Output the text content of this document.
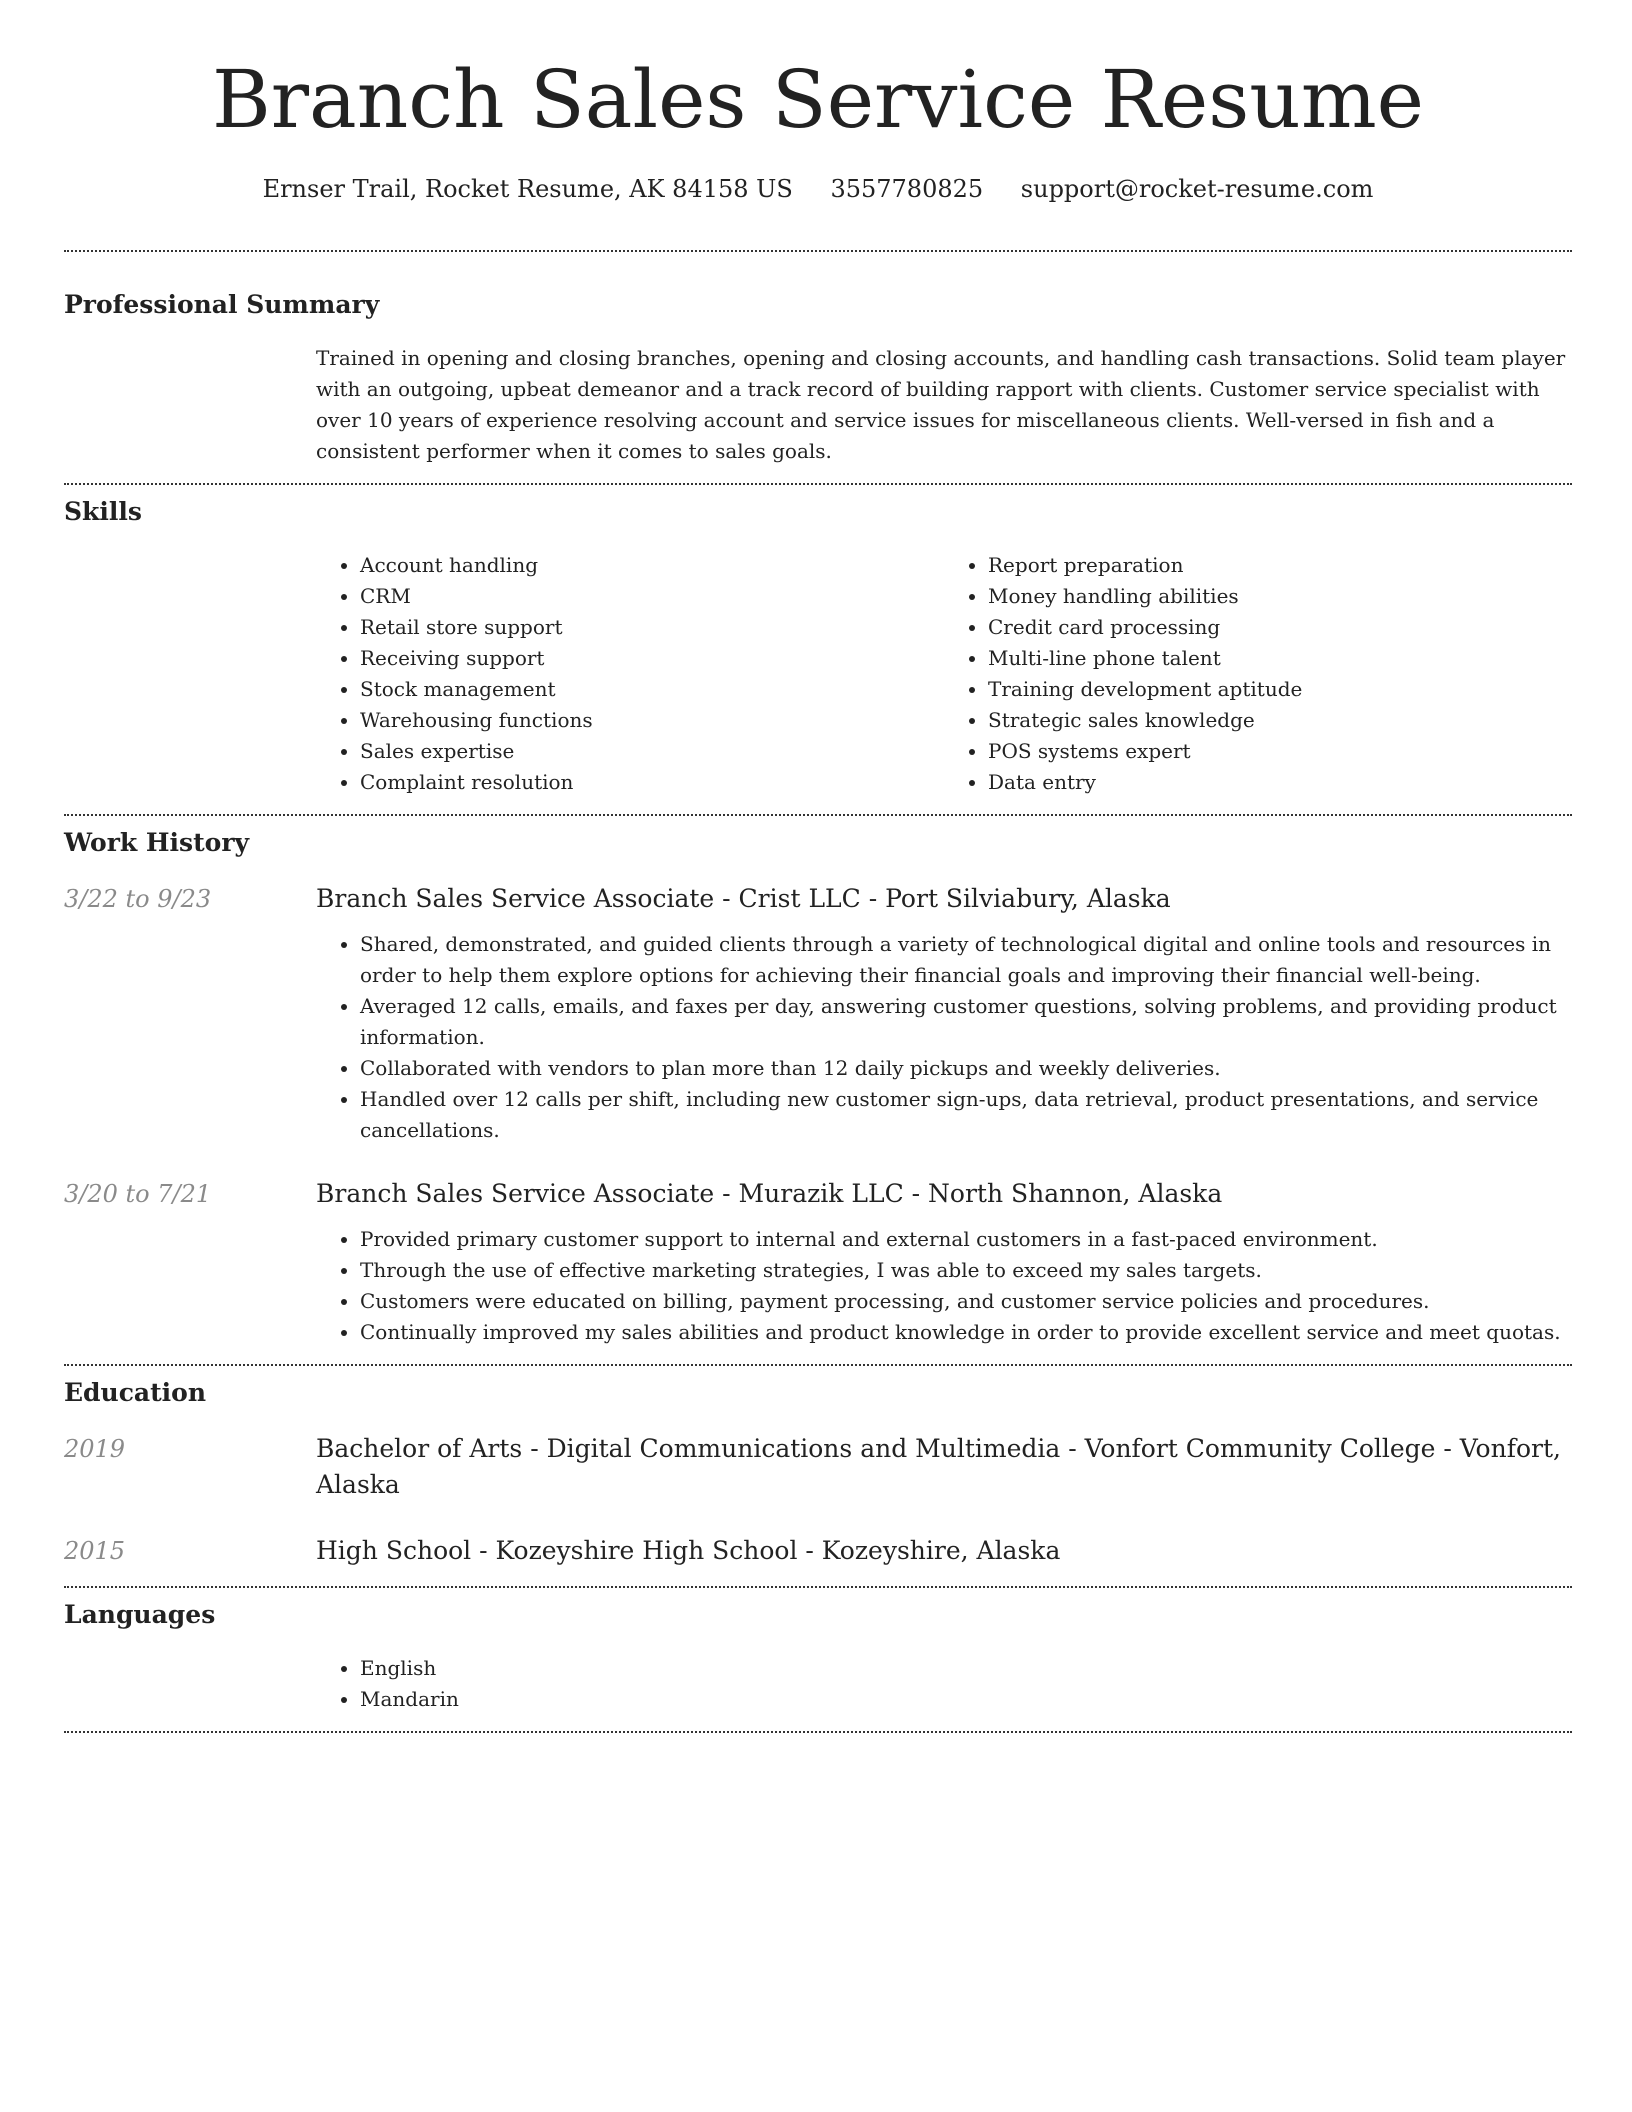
Branch Sales Service Resume
Ernser Trail, Rocket Resume, AK 84158 US 3557780825 support@rocket-resume.com
Professional Summary

Trained in opening and closing branches, opening and closing accounts, and handling cash transactions. Solid team player with an outgoing, upbeat demeanor and a track record of building rapport with clients. Customer service specialist with over 10 years of experience resolving account and service issues for miscellaneous clients. Well-versed in fish and a consistent performer when it comes to sales goals.

Skills
• Account handling
• CRM
• Retail store support
• Receiving support
• Stock management
• Warehousing functions
• Sales expertise
• Complaint resolution
• Report preparation
• Money handling abilities
• Credit card processing
• Multi-line phone talent
• Training development aptitude
• Strategic sales knowledge
• POS systems expert
• Data entry
Work History
3/22 to 9/23	Branch Sales Service Associate - Crist LLC - Port Silviabury, Alaska
• Shared, demonstrated, and guided clients through a variety of technological digital and online tools and resources in order to help them explore options for achieving their financial goals and improving their financial well-being.
• Averaged 12 calls, emails, and faxes per day, answering customer questions, solving problems, and providing product information.
• Collaborated with vendors to plan more than 12 daily pickups and weekly deliveries.
• Handled over 12 calls per shift, including new customer sign-ups, data retrieval, product presentations, and service cancellations.
3/20 to 7/21	Branch Sales Service Associate - Murazik LLC - North Shannon, Alaska
• Provided primary customer support to internal and external customers in a fast-paced environment.
• Through the use of effective marketing strategies, I was able to exceed my sales targets.
• Customers were educated on billing, payment processing, and customer service policies and procedures.
• Continually improved my sales abilities and product knowledge in order to provide excellent service and meet quotas.
Education
2019	Bachelor of Arts - Digital Communications and Multimedia - Vonfort Community College - Vonfort, Alaska
2015	High School - Kozeyshire High School - Kozeyshire, Alaska
Languages
• English
• Mandarin
